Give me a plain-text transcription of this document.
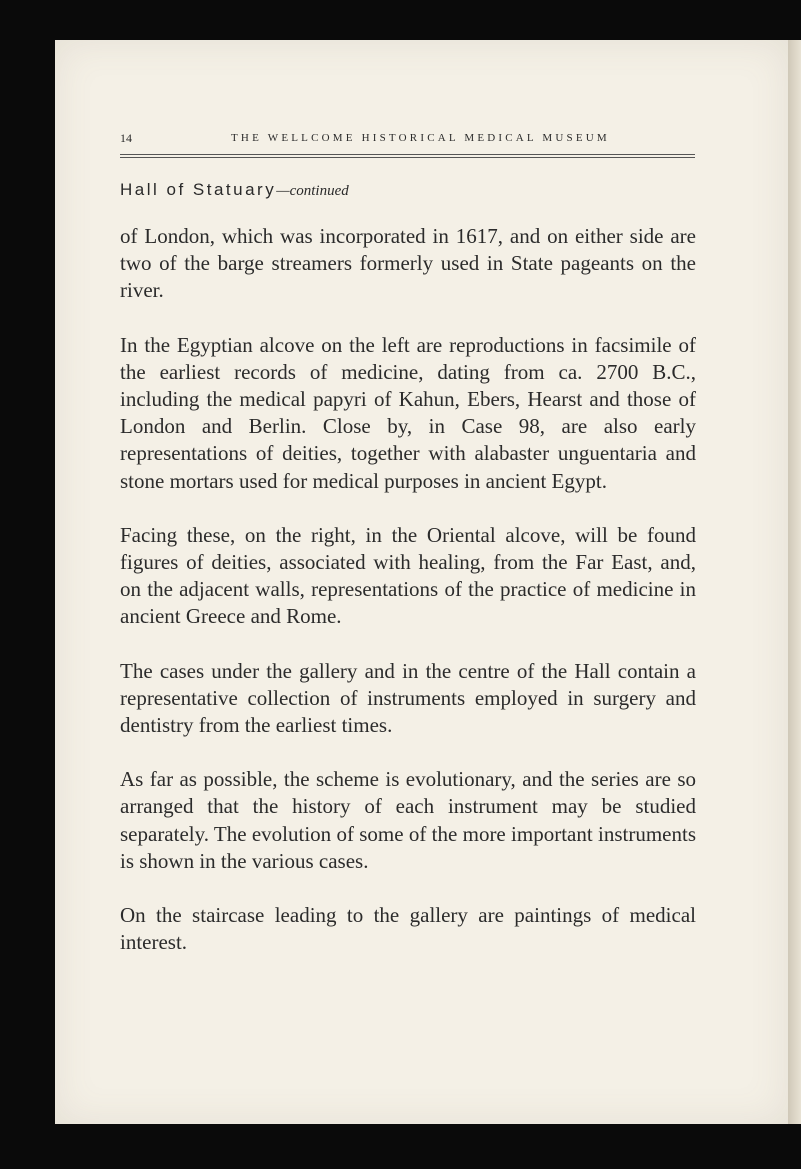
14	THE WELLCOME HISTORICAL MEDICAL MUSEUM
Hall of Statuary—continued

of London, which was incorporated in 1617, and on either side are two of the barge streamers formerly used in State pageants on the river.

In the Egyptian alcove on the left are reproductions in facsimile of the earliest records of medicine, dating from ca. 2700 B.C., including the medical papyri of Kahun, Ebers, Hearst and those of London and Berlin. Close by, in Case 98, are also early representations of deities, together with alabaster unguentaria and stone mortars used for medical purposes in ancient Egypt.

Facing these, on the right, in the Oriental alcove, will be found figures of deities, associated with healing, from the Far East, and, on the adjacent walls, representations of the practice of medicine in ancient Greece and Rome.

The cases under the gallery and in the centre of the Hall contain a representative collection of instruments employed in surgery and dentistry from the earliest times.

As far as possible, the scheme is evolutionary, and the series are so arranged that the history of each instrument may be studied separately. The evolution of some of the more important instruments is shown in the various cases.

On the staircase leading to the gallery are paintings of medical interest.
